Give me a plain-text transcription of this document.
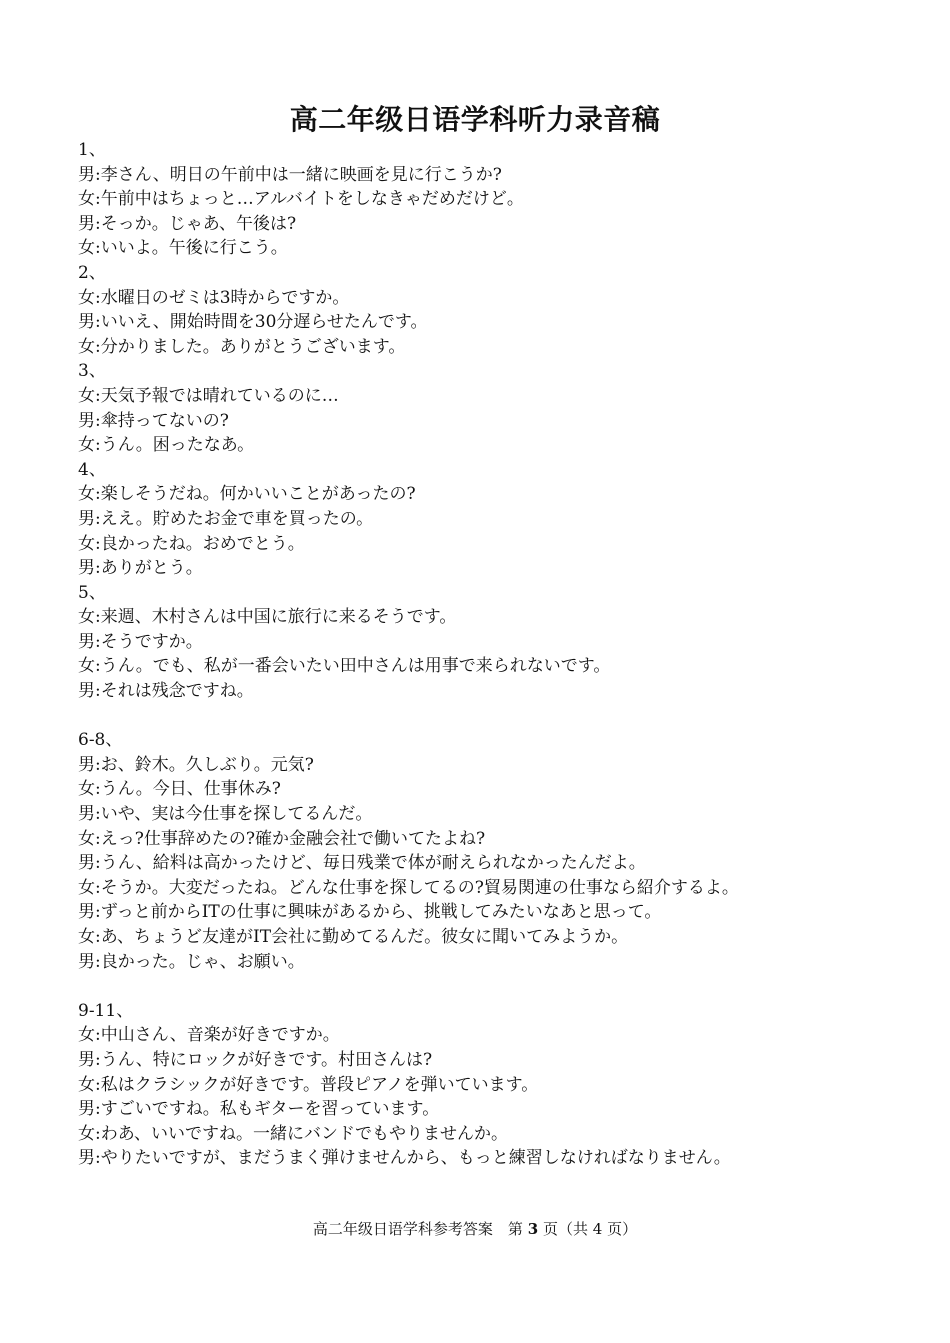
高二年级日语学科听力录音稿
1、
男:李さん、明日の午前中は一緒に映画を見に行こうか?
女:午前中はちょっと…アルバイトをしなきゃだめだけど。
男:そっか。じゃあ、午後は?
女:いいよ。午後に行こう。
2、
女:水曜日のゼミは3時からですか。
男:いいえ、開始時間を30分遅らせたんです。
女:分かりました。ありがとうございます。
3、
女:天気予報では晴れているのに…
男:傘持ってないの?
女:うん。困ったなあ。
4、
女:楽しそうだね。何かいいことがあったの?
男:ええ。貯めたお金で車を買ったの。
女:良かったね。おめでとう。
男:ありがとう。
5、
女:来週、木村さんは中国に旅行に来るそうです。
男:そうですか。
女:うん。でも、私が一番会いたい田中さんは用事で来られないです。
男:それは残念ですね。
6-8、
男:お、鈴木。久しぶり。元気?
女:うん。今日、仕事休み?
男:いや、実は今仕事を探してるんだ。
女:えっ?仕事辞めたの?確か金融会社で働いてたよね?
男:うん、給料は高かったけど、毎日残業で体が耐えられなかったんだよ。
女:そうか。大変だったね。どんな仕事を探してるの?貿易関連の仕事なら紹介するよ。
男:ずっと前からITの仕事に興味があるから、挑戦してみたいなあと思って。
女:あ、ちょうど友達がIT会社に勤めてるんだ。彼女に聞いてみようか。
男:良かった。じゃ、お願い。
9-11、
女:中山さん、音楽が好きですか。
男:うん、特にロックが好きです。村田さんは?
女:私はクラシックが好きです。普段ピアノを弾いています。
男:すごいですね。私もギターを習っています。
女:わあ、いいですね。一緒にバンドでもやりませんか。
男:やりたいですが、まだうまく弾けませんから、もっと練習しなければなりません。
高二年级日语学科参考答案　第 3 页（共 4 页）
